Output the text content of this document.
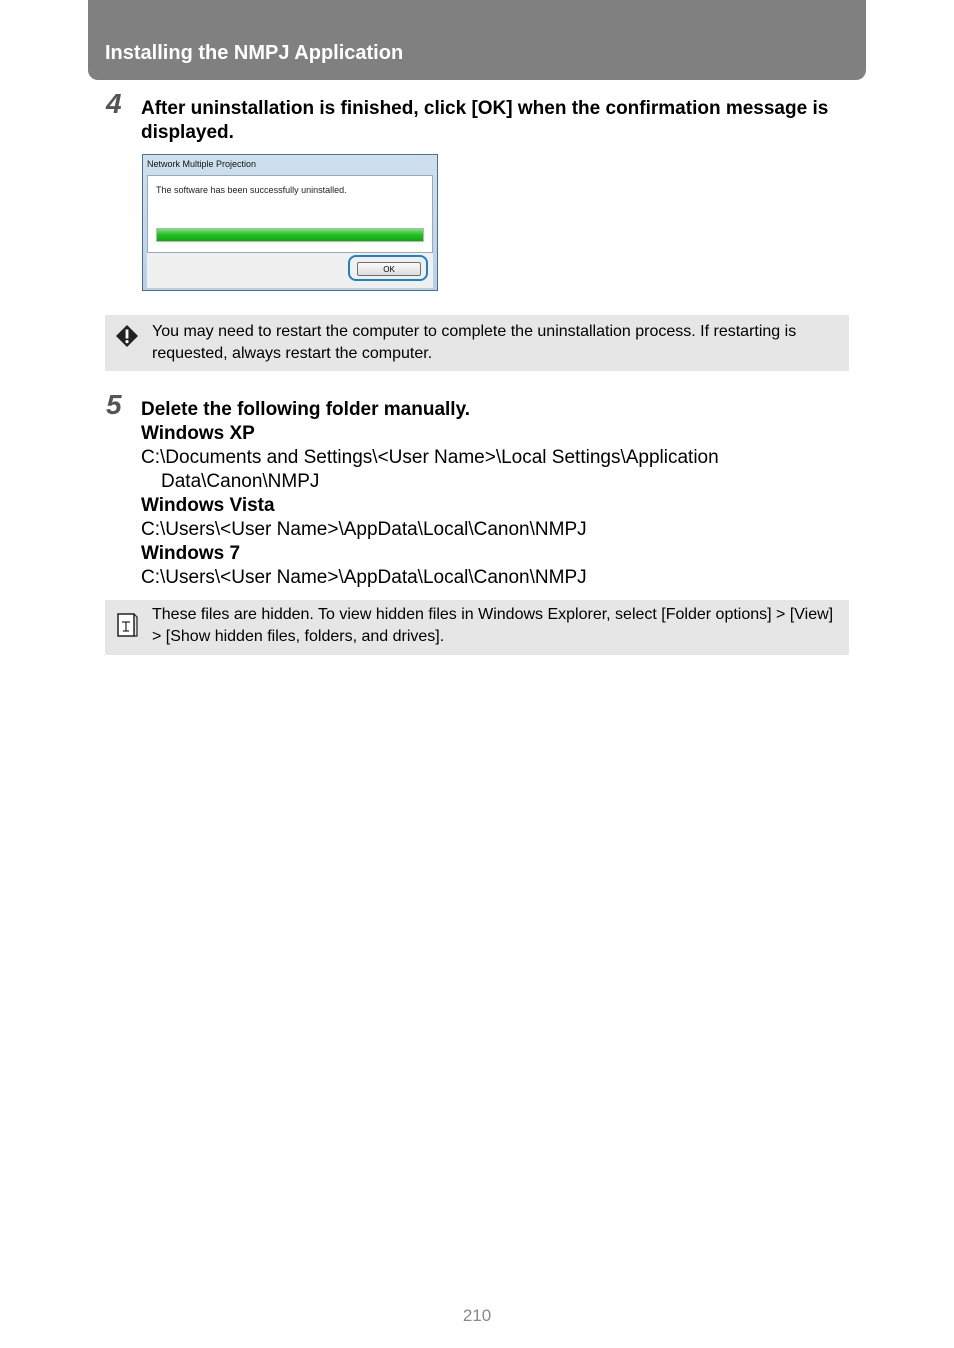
Installing the NMPJ Application
4 After uninstallation is finished, click [OK] when the confirmation message is displayed.
Network Multiple Projection
The software has been successfully uninstalled.
OK
You may need to restart the computer to complete the uninstallation process. If restarting is requested, always restart the computer.
5 Delete the following folder manually.
Windows XP
C:\Documents and Settings\<User Name>\Local Settings\Application
Data\Canon\NMPJ
Windows Vista
C:\Users\<User Name>\AppData\Local\Canon\NMPJ
Windows 7
C:\Users\<User Name>\AppData\Local\Canon\NMPJ
These files are hidden. To view hidden files in Windows Explorer, select [Folder options] > [View] > [Show hidden files, folders, and drives].
210
